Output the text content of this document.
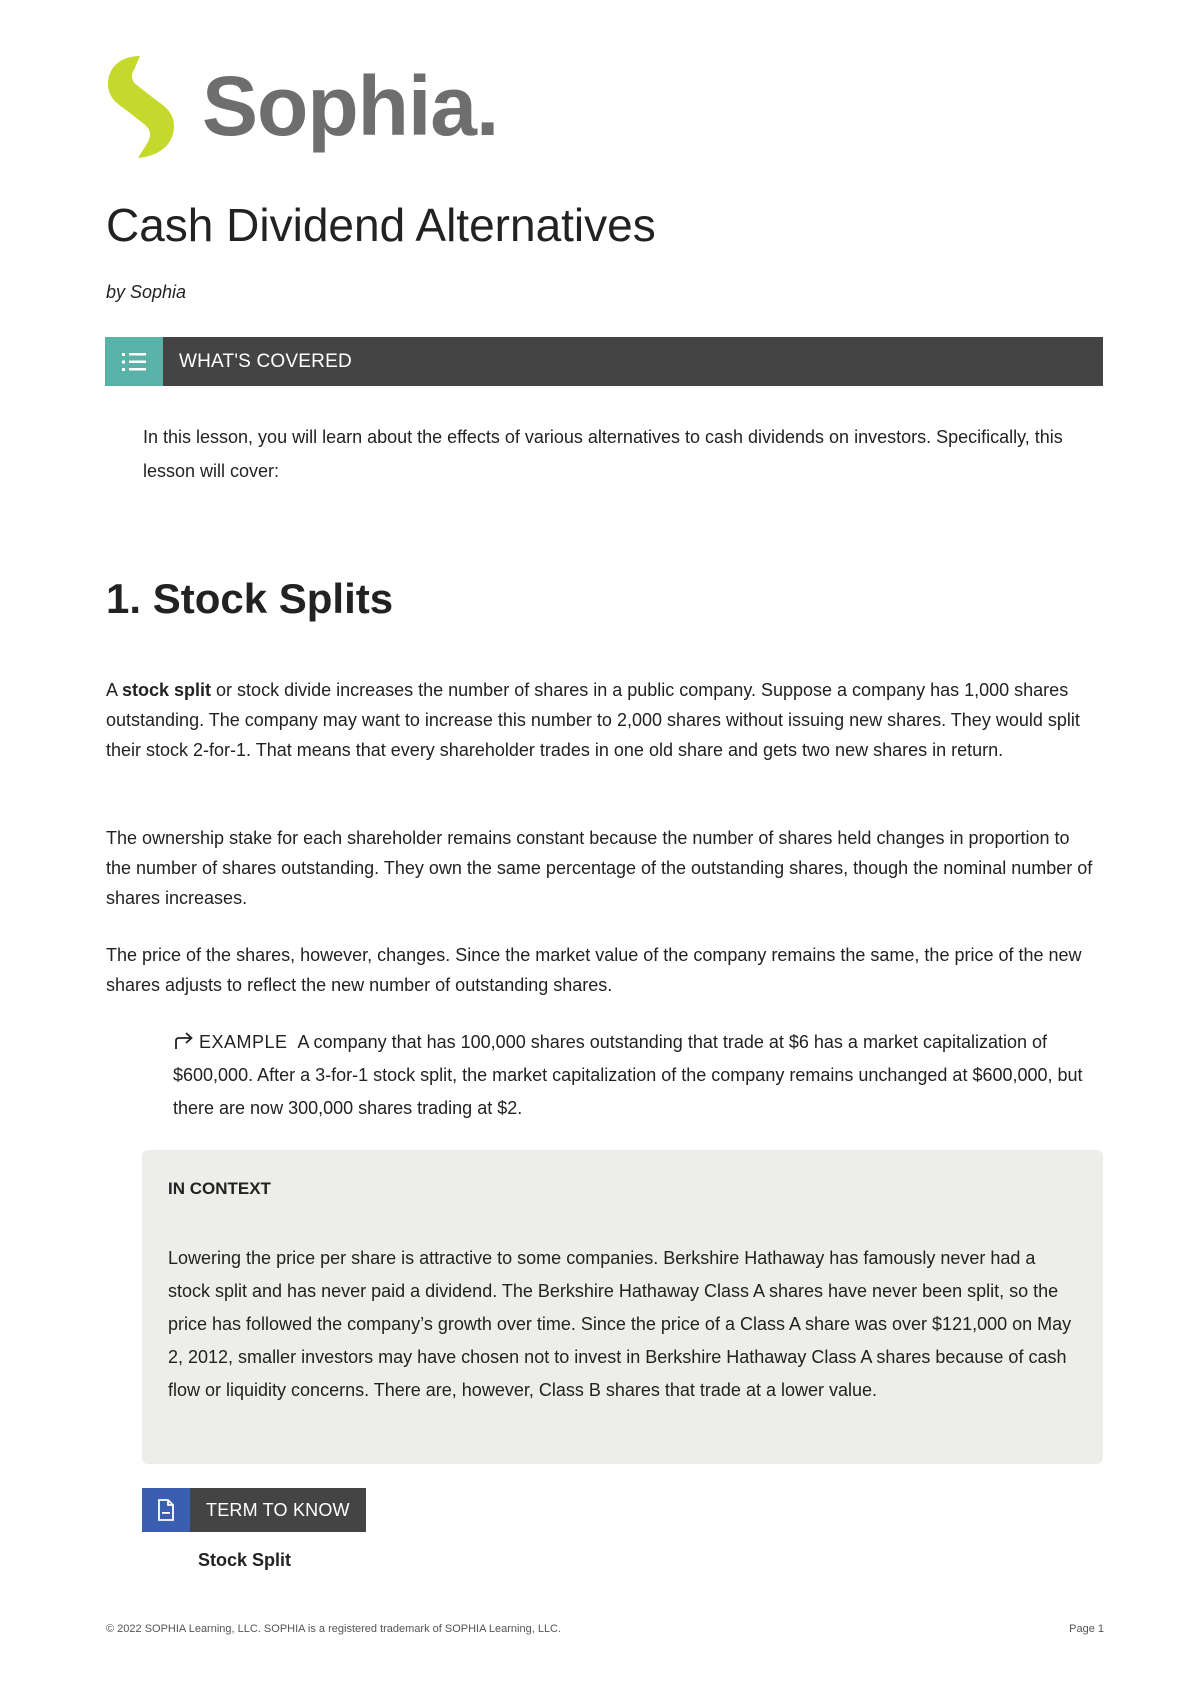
Sophia.
Cash Dividend Alternatives
by Sophia
WHAT'S COVERED

In this lesson, you will learn about the effects of various alternatives to cash dividends on investors. Specifically, this lesson will cover:

1. Stock Splits

A stock split or stock divide increases the number of shares in a public company. Suppose a company has 1,000 shares outstanding. The company may want to increase this number to 2,000 shares without issuing new shares. They would split their stock 2-for-1. That means that every shareholder trades in one old share and gets two new shares in return.

The ownership stake for each shareholder remains constant because the number of shares held changes in proportion to the number of shares outstanding. They own the same percentage of the outstanding shares, though the nominal number of shares increases.

The price of the shares, however, changes. Since the market value of the company remains the same, the price of the new shares adjusts to reflect the new number of outstanding shares.

EXAMPLE A company that has 100,000 shares outstanding that trade at $6 has a market capitalization of $600,000. After a 3-for-1 stock split, the market capitalization of the company remains unchanged at $600,000, but there are now 300,000 shares trading at $2.

IN CONTEXT

Lowering the price per share is attractive to some companies. Berkshire Hathaway has famously never had a stock split and has never paid a dividend. The Berkshire Hathaway Class A shares have never been split, so the price has followed the company’s growth over time. Since the price of a Class A share was over $121,000 on May 2, 2012, smaller investors may have chosen not to invest in Berkshire Hathaway Class A shares because of cash flow or liquidity concerns. There are, however, Class B shares that trade at a lower value.

TERM TO KNOW
Stock Split
© 2022 SOPHIA Learning, LLC. SOPHIA is a registered trademark of SOPHIA Learning, LLC.	Page 1
